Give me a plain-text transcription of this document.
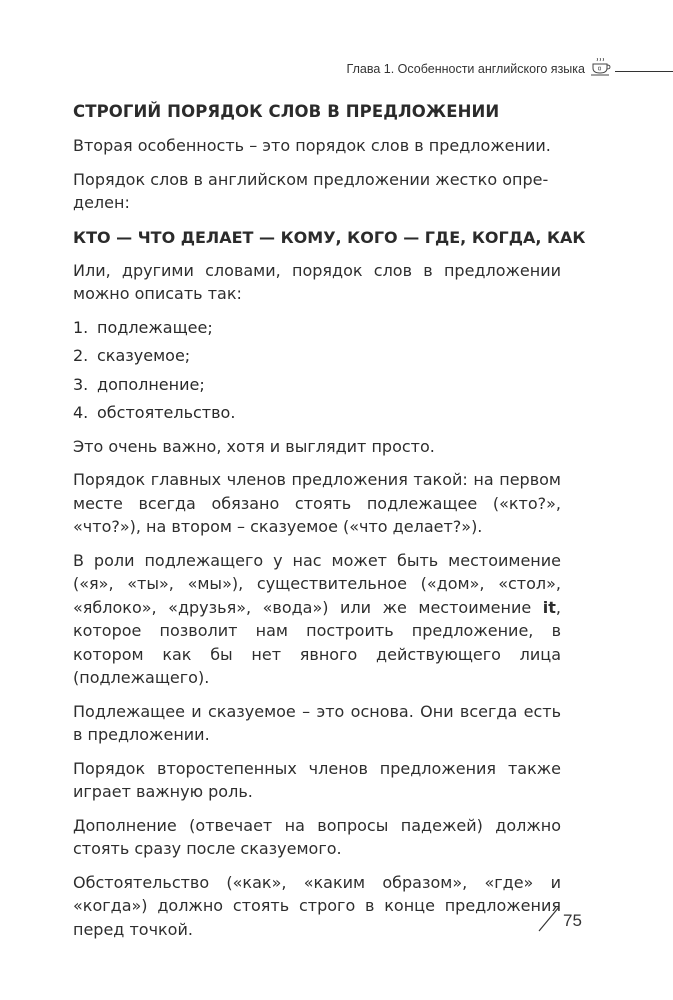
Глава 1. Особенности английского языка
СТРОГИЙ ПОРЯДОК СЛОВ В ПРЕДЛОЖЕНИИ

Вторая особенность – это порядок слов в предложении.

Порядок слов в английском предложении жестко опре-
делен:

КТО — ЧТО ДЕЛАЕТ — КОМУ, КОГО — ГДЕ, КОГДА, КАК

Или, другими словами, порядок слов в предложении можно описать так:

1. подлежащее;
2. сказуемое;
3. дополнение;
4. обстоятельство.

Это очень важно, хотя и выглядит просто.

Порядок главных членов предложения такой: на первом месте всегда обязано стоять подлежащее («кто?», «что?»), на втором – сказуемое («что делает?»).

В роли подлежащего у нас может быть местоимение («я», «ты», «мы»), существительное («дом», «стол», «яблоко», «друзья», «вода») или же местоимение it, которое позволит нам построить предложение, в котором как бы нет явного действующего лица (подлежащего).

Подлежащее и сказуемое – это основа. Они всегда есть в предложении.

Порядок второстепенных членов предложения также играет важную роль.

Дополнение (отвечает на вопросы падежей) должно стоять сразу после сказуемого.

Обстоятельство («как», «каким образом», «где» и «когда») должно стоять строго в конце предложения перед точкой.	75
